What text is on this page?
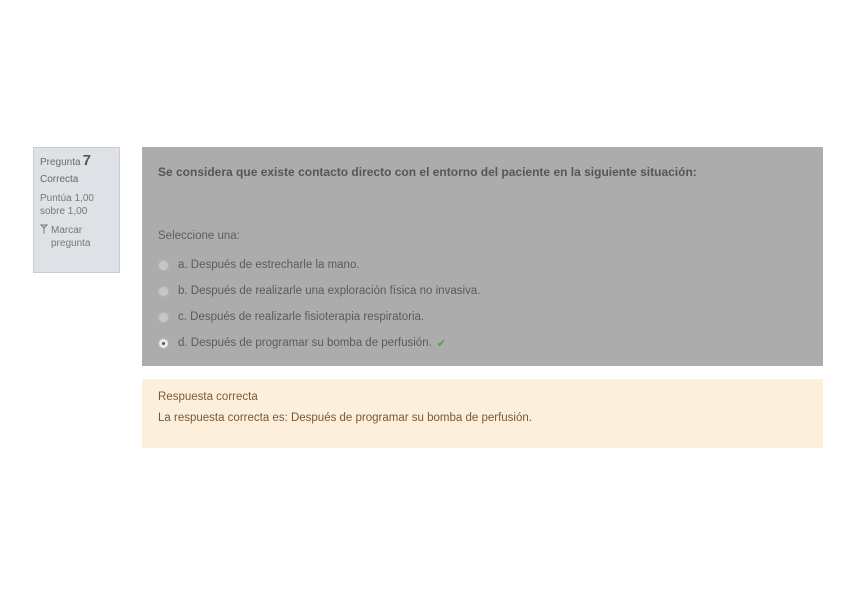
Pregunta 7
Correcta
Puntúa 1,00
sobre 1,00
Marcar
pregunta
Se considera que existe contacto directo con el entorno del paciente en la siguiente situación:
Seleccione una:
a. Después de estrecharle la mano.
b. Después de realizarle una exploración física no invasiva.
c. Después de realizarle fisioterapia respiratoria.
d. Después de programar su bomba de perfusión. ✔
Respuesta correcta
La respuesta correcta es: Después de programar su bomba de perfusión.
